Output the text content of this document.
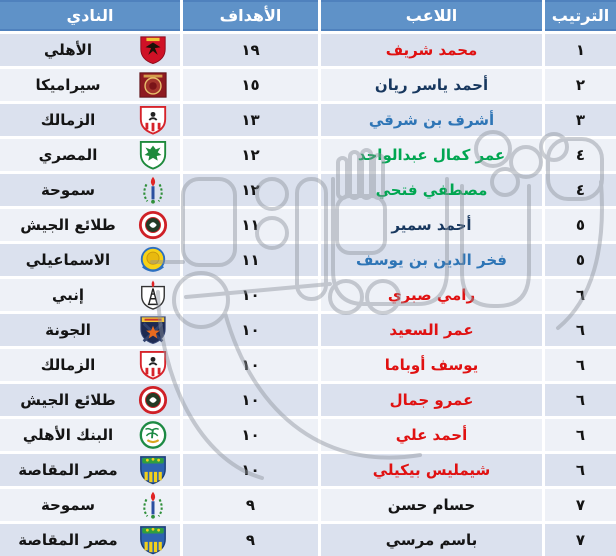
الترتيب
اللاعب
الأهداف
النادي
١
محمد شريف
١٩
الأهلي
٢
أحمد ياسر ريان
١٥
سيراميكا
٣
أشرف بن شرقي
١٣
الزمالك
٤
عمر كمال عبدالواحد
١٢
المصري
٤
مصطفي فتحي
١٢
سموحة
٥
أحمد سمير
١١
طلائع الجيش
٥
فخر الدين بن يوسف
١١
الاسماعيلي
٦
رامي صبري
١٠
إنبي
٦
عمر السعيد
١٠
الجونة
٦
يوسف أوباما
١٠
الزمالك
٦
عمرو جمال
١٠
طلائع الجيش
٦
أحمد علي
١٠
البنك الأهلي
٦
شيمليس بيكيلي
١٠
مصر المقاصة
٧
حسام حسن
٩
سموحة
٧
باسم مرسي
٩
مصر المقاصة
